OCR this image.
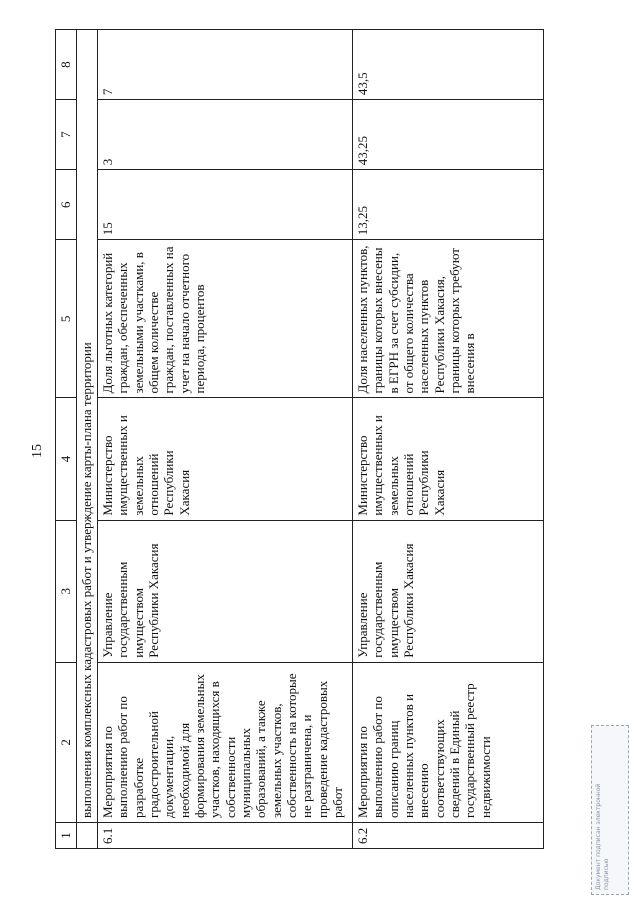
15
1	2	3	4	5	6	7	8
	выполнения комплексных кадастровых работ и утверждение карты-плана территории						
6.1	Мероприятия по выполнению работ по разработке градостроительной документации, необходимой для формирования земельных участков, находящихся в собственности муниципальных образований, а также земельных участков, собственность на которые не разграничена, и проведение кадастровых работ	Управление государственным имуществом Республики Хакасия	Министерство имущественных и земельных отношений Республики Хакасия	Доля льготных категорий граждан, обеспеченных земельными участками, в общем количестве граждан, поставленных на учет на начало отчетного периода, процентов	15	3	7
6.2	Мероприятия по выполнению работ по описанию границ населенных пунктов и внесению соответствующих сведений в Единый государственный реестр недвижимости	Управление государственным имуществом Республики Хакасия	Министерство имущественных и земельных отношений Республики Хакасия	Доля населенных пунктов, границы которых внесены в ЕГРН за счет субсидии, от общего количества населенных пунктов Республики Хакасия, границы которых требуют внесения в	13,25	43,25	43,5
Документ подписан электронной
подписью
